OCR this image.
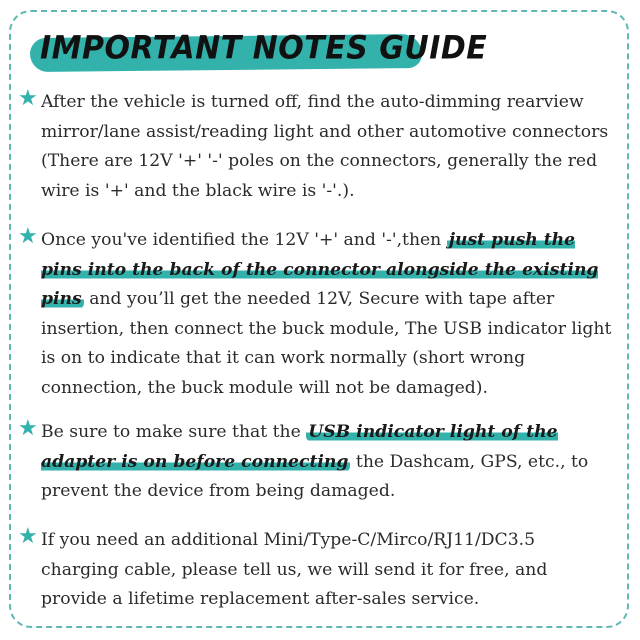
IMPORTANT NOTES GUIDE
★ After the vehicle is turned off, find the auto-dimming rearview mirror/lane assist/reading light and other automotive connectors (There are 12V '+' '-' poles on the connectors, generally the red wire is '+' and the black wire is '-'.).
★ Once you've identified the 12V '+' and '-',then just push the pins into the back of the connector alongside the existing pins and you’ll get the needed 12V, Secure with tape after insertion, then connect the buck module, The USB indicator light is on to indicate that it can work normally (short wrong connection, the buck module will not be damaged).
★ Be sure to make sure that the USB indicator light of the adapter is on before connecting the Dashcam, GPS, etc., to prevent the device from being damaged.
★ If you need an additional Mini/Type-C/Mirco/RJ11/DC3.5 charging cable, please tell us, we will send it for free, and provide a lifetime replacement after-sales service.
